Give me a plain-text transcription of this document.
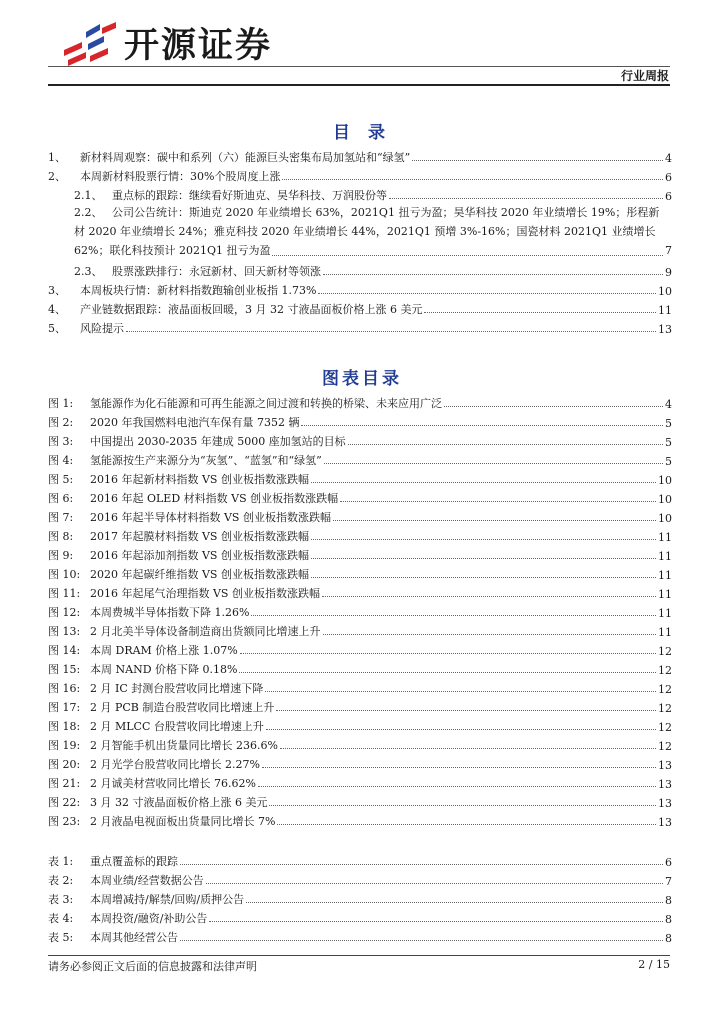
开源证券
行业周报
目 录
1、 新材料周观察：碳中和系列（六）能源巨头密集布局加氢站和“绿氢”	4
2、 本周新材料股票行情：30%个股周度上涨	6
2.1、 重点标的跟踪：继续看好斯迪克、昊华科技、万润股份等	6
2.2、 公司公告统计：斯迪克 2020 年业绩增长 63%，2021Q1 扭亏为盈；昊华科技 2020 年业绩增长 19%；彤程新
材 2020 年业绩增长 24%；雅克科技 2020 年业绩增长 44%，2021Q1 预增 3%-16%；国瓷材料 2021Q1 业绩增长
62%；联化科技预计 2021Q1 扭亏为盈	7
2.3、 股票涨跌排行：永冠新材、回天新材等领涨	9
3、 本周板块行情：新材料指数跑输创业板指 1.73%	10
4、 产业链数据跟踪：液晶面板回暖，3 月 32 寸液晶面板价格上涨 6 美元	11
5、 风险提示	13
图表目录
图 1: 氢能源作为化石能源和可再生能源之间过渡和转换的桥梁、未来应用广泛	4
图 2: 2020 年我国燃料电池汽车保有量 7352 辆	5
图 3: 中国提出 2030-2035 年建成 5000 座加氢站的目标	5
图 4: 氢能源按生产来源分为“灰氢”、“蓝氢”和“绿氢”	5
图 5: 2016 年起新材料指数 VS 创业板指数涨跌幅	10
图 6: 2016 年起 OLED 材料指数 VS 创业板指数涨跌幅	10
图 7: 2016 年起半导体材料指数 VS 创业板指数涨跌幅	10
图 8: 2017 年起膜材料指数 VS 创业板指数涨跌幅	11
图 9: 2016 年起添加剂指数 VS 创业板指数涨跌幅	11
图 10: 2020 年起碳纤维指数 VS 创业板指数涨跌幅	11
图 11: 2016 年起尾气治理指数 VS 创业板指数涨跌幅	11
图 12: 本周费城半导体指数下降 1.26%	11
图 13: 2 月北美半导体设备制造商出货额同比增速上升	11
图 14: 本周 DRAM 价格上涨 1.07%	12
图 15: 本周 NAND 价格下降 0.18%	12
图 16: 2 月 IC 封测台股营收同比增速下降	12
图 17: 2 月 PCB 制造台股营收同比增速上升	12
图 18: 2 月 MLCC 台股营收同比增速上升	12
图 19: 2 月智能手机出货量同比增长 236.6%	12
图 20: 2 月光学台股营收同比增长 2.27%	13
图 21: 2 月诚美材营收同比增长 76.62%	13
图 22: 3 月 32 寸液晶面板价格上涨 6 美元	13
图 23: 2 月液晶电视面板出货量同比增长 7%	13
表 1: 重点覆盖标的跟踪	6
表 2: 本周业绩/经营数据公告	7
表 3: 本周增减持/解禁/回购/质押公告	8
表 4: 本周投资/融资/补助公告	8
表 5: 本周其他经营公告	8
请务必参阅正文后面的信息披露和法律声明	2 / 15
